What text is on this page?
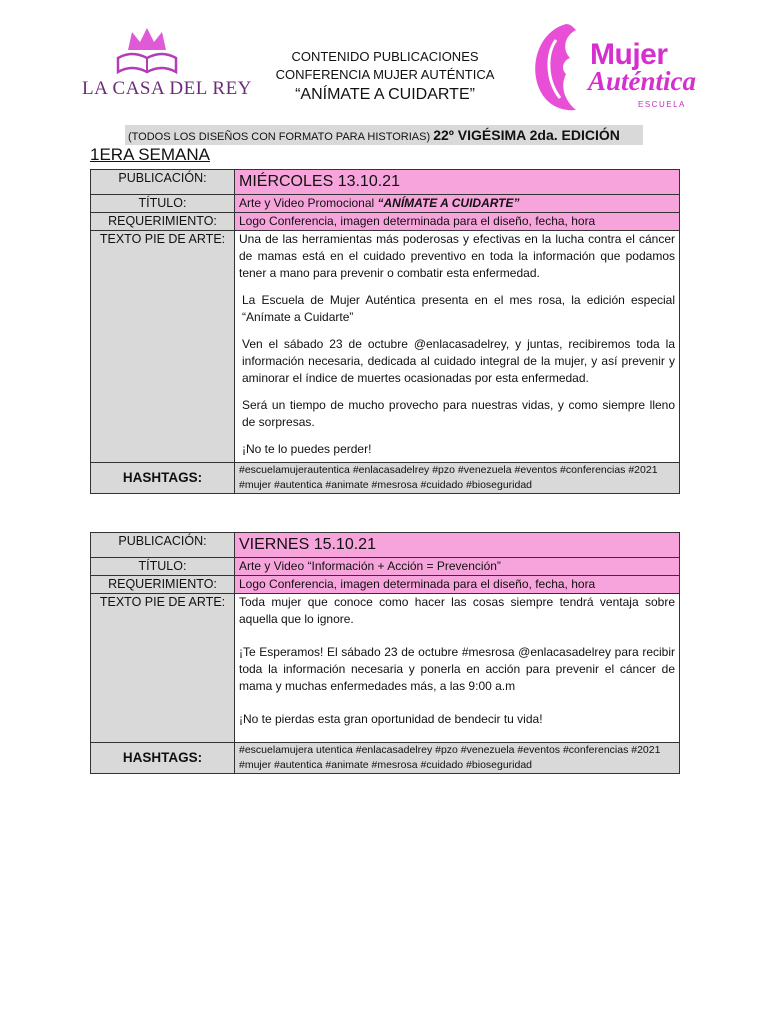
LA CASA DEL REY
CONTENIDO PUBLICACIONES
CONFERENCIA MUJER AUTÉNTICA
“ANÍMATE A CUIDARTE”
Mujer
Auténtica
ESCUELA
(TODOS LOS DISEÑOS CON FORMATO PARA HISTORIAS) 22º VIGÉSIMA 2da. EDICIÓN
1ERA SEMANA
PUBLICACIÓN:	MIÉRCOLES 13.10.21
TÍTULO:	Arte y Video Promocional “ANÍMATE A CUIDARTE”
REQUERIMIENTO:	Logo Conferencia, imagen determinada para el diseño, fecha, hora
TEXTO PIE DE ARTE:	Una de las herramientas más poderosas y efectivas en la lucha contra el cáncer de mamas está en el cuidado preventivo en toda la información que podamos tener a mano para prevenir o combatir esta enfermedad.

La Escuela de Mujer Auténtica presenta en el mes rosa, la edición especial “Anímate a Cuidarte”

Ven el sábado 23 de octubre @enlacasadelrey, y juntas, recibiremos toda la información necesaria, dedicada al cuidado integral de la mujer, y así prevenir y aminorar el índice de muertes ocasionadas por esta enfermedad.

Será un tiempo de mucho provecho para nuestras vidas, y como siempre lleno de sorpresas.

¡No te lo puedes perder!

HASHTAGS:	#escuelamujerautentica #enlacasadelrey #pzo #venezuela #eventos #conferencias #2021 #mujer #autentica #animate #mesrosa #cuidado #bioseguridad
PUBLICACIÓN:	VIERNES 15.10.21
TÍTULO:	Arte y Video “Información + Acción = Prevención”
REQUERIMIENTO:	Logo Conferencia, imagen determinada para el diseño, fecha, hora
TEXTO PIE DE ARTE:	Toda mujer que conoce como hacer las cosas siempre tendrá ventaja sobre aquella que lo ignore.

¡Te Esperamos! El sábado 23 de octubre #mesrosa @enlacasadelrey para recibir toda la información necesaria y ponerla en acción para prevenir el cáncer de mama y muchas enfermedades más, a las 9:00 a.m

¡No te pierdas esta gran oportunidad de bendecir tu vida!

HASHTAGS:	#escuelamujera utentica #enlacasadelrey #pzo #venezuela #eventos #conferencias #2021 #mujer #autentica #animate #mesrosa #cuidado #bioseguridad
